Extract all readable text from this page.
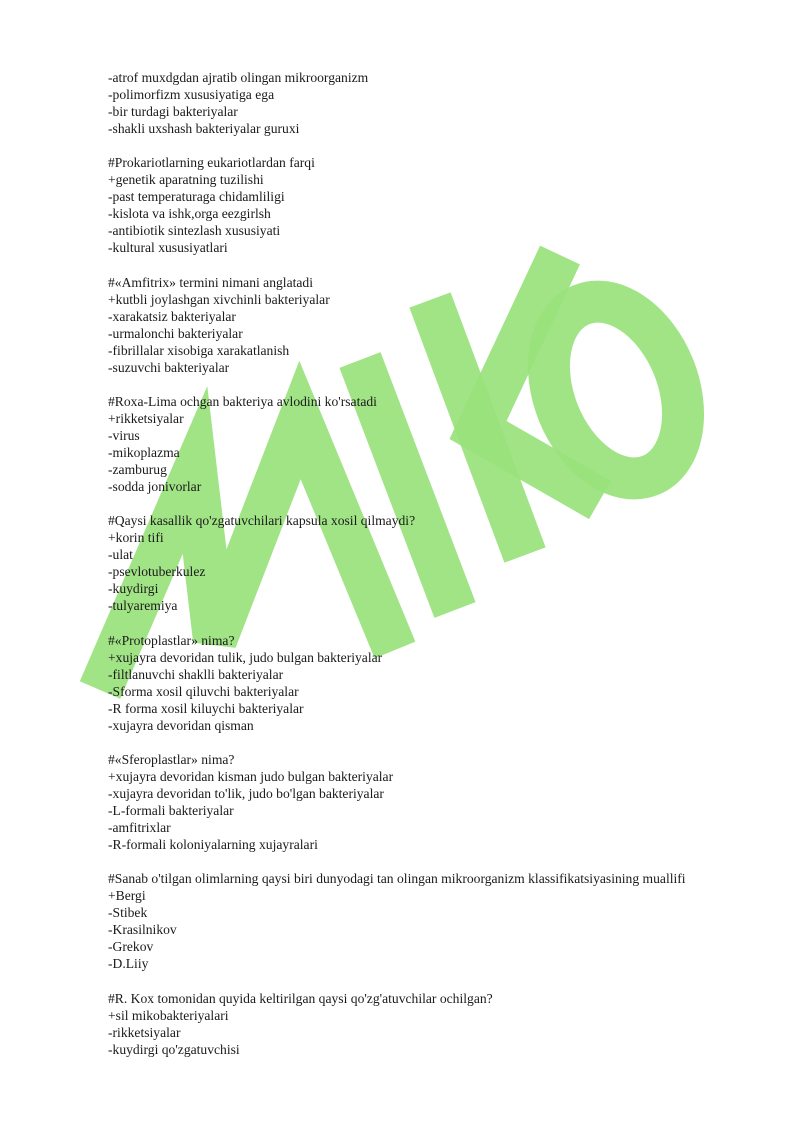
-atrof muxdgdan ajratib olingan mikroorganizm
-polimorfizm xususiyatiga ega
-bir turdagi bakteriyalar
-shakli uxshash bakteriyalar guruxi
#Prokariotlarning eukariotlardan farqi
+genetik aparatning tuzilishi
-past temperaturaga chidamliligi
-kislota va ishk,orga eezgirlsh
-antibiotik sintezlash xususiyati
-kultural xususiyatlari
#«Amfitrix» termini nimani anglatadi
+kutbli joylashgan xivchinli bakteriyalar
-xarakatsiz bakteriyalar
-urmalonchi bakteriyalar
-fibrillalar xisobiga xarakatlanish
-suzuvchi bakteriyalar
#Roxa-Lima ochgan bakteriya avlodini ko'rsatadi
+rikketsiyalar
-virus
-mikoplazma
-zamburug
-sodda jonivorlar
#Qaysi kasallik qo'zgatuvchilari kapsula xosil qilmaydi?
+korin tifi
-ulat
-psevlotuberkulez
-kuydirgi
-tulyaremiya
#«Protoplastlar» nima?
+xujayra devoridan tulik, judo bulgan bakteriyalar
-filtlanuvchi shaklli bakteriyalar
-Sforma xosil qiluvchi bakteriyalar
-R forma xosil kiluychi bakteriyalar
-xujayra devoridan qisman
#«Sferoplastlar» nima?
+xujayra devoridan kisman judo bulgan bakteriyalar
-xujayra devoridan to'lik, judo bo'lgan bakteriyalar
-L-formali bakteriyalar
-amfitrixlar
-R-formali koloniyalarning xujayralari
#Sanab o'tilgan olimlarning qaysi biri dunyodagi tan olingan mikroorganizm klassifikatsiyasining muallifi
+Bergi
-Stibek
-Krasilnikov
-Grekov
-D.Liiy
#R. Kox tomonidan quyida keltirilgan qaysi qo'zg'atuvchilar ochilgan?
+sil mikobakteriyalari
-rikketsiyalar
-kuydirgi qo'zgatuvchisi
